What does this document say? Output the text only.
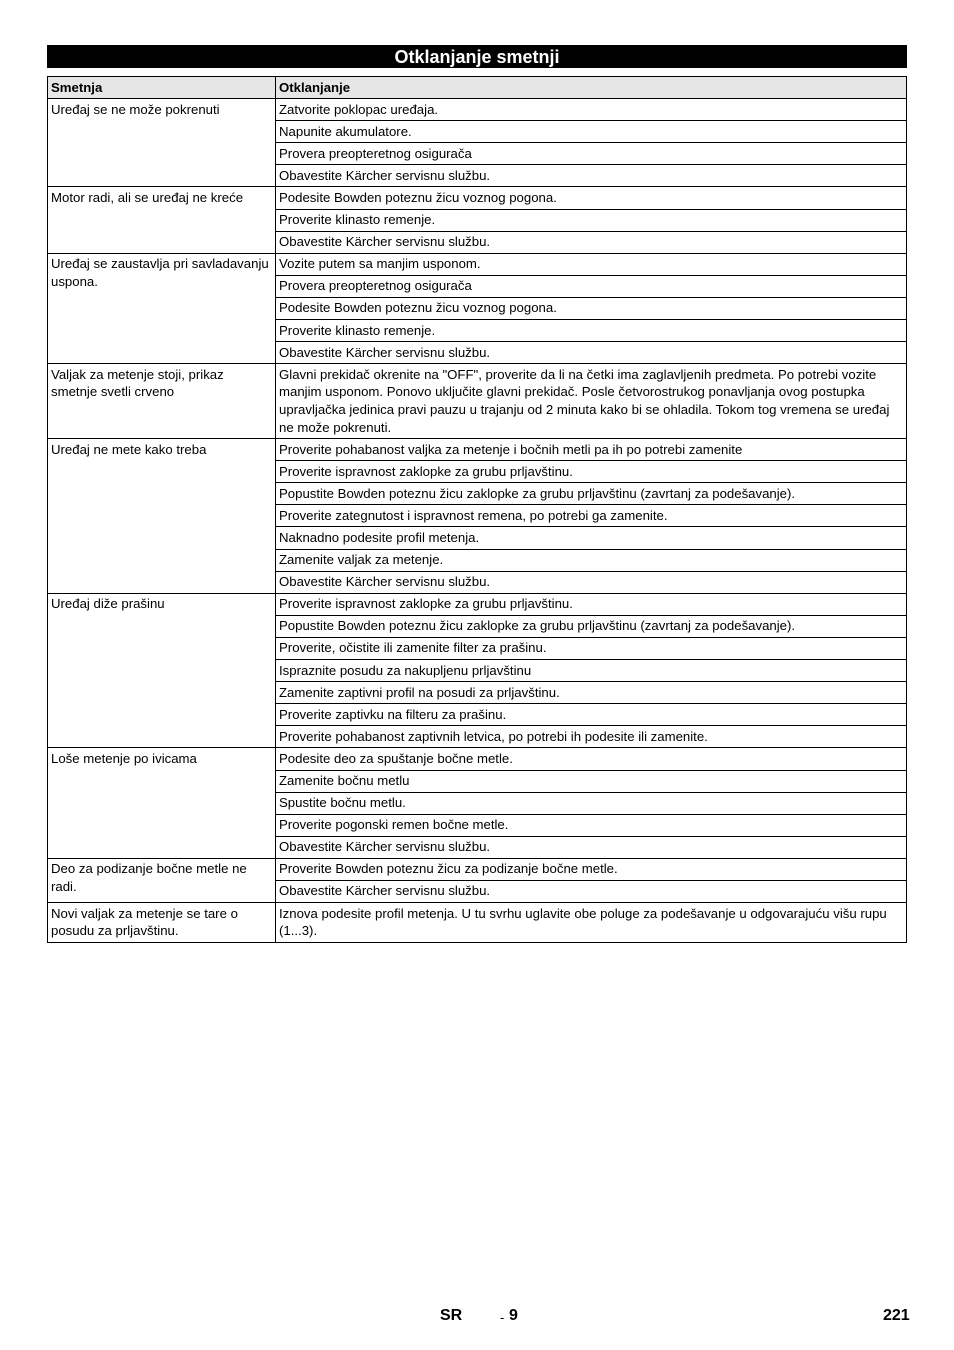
Otklanjanje smetnji
Smetnja	Otklanjanje
Uređaj se ne može pokrenuti	Zatvorite poklopac uređaja.
	Napunite akumulatore.
	Provera preopteretnog osigurača
	Obavestite Kärcher servisnu službu.
Motor radi, ali se uređaj ne kreće	Podesite Bowden poteznu žicu voznog pogona.
	Proverite klinasto remenje.
	Obavestite Kärcher servisnu službu.
Uređaj se zaustavlja pri savladavanju uspona.	Vozite putem sa manjim usponom.
	Provera preopteretnog osigurača
	Podesite Bowden poteznu žicu voznog pogona.
	Proverite klinasto remenje.
	Obavestite Kärcher servisnu službu.
Valjak za metenje stoji, prikaz smetnje svetli crveno	Glavni prekidač okrenite na "OFF", proverite da li na četki ima zaglavljenih predmeta. Po potrebi vozite manjim usponom. Ponovo uključite glavni prekidač. Posle četvorostrukog ponavljanja ovog postupka upravljačka jedinica pravi pauzu u trajanju od 2 minuta kako bi se ohladila. Tokom tog vremena se uređaj ne može pokrenuti.
Uređaj ne mete kako treba	Proverite pohabanost valjka za metenje i bočnih metli pa ih po potrebi zamenite
	Proverite ispravnost zaklopke za grubu prljavštinu.
	Popustite Bowden poteznu žicu zaklopke za grubu prljavštinu (zavrtanj za podešavanje).
	Proverite zategnutost i ispravnost remena, po potrebi ga zamenite.
	Naknadno podesite profil metenja.
	Zamenite valjak za metenje.
	Obavestite Kärcher servisnu službu.
Uređaj diže prašinu	Proverite ispravnost zaklopke za grubu prljavštinu.
	Popustite Bowden poteznu žicu zaklopke za grubu prljavštinu (zavrtanj za podešavanje).
	Proverite, očistite ili zamenite filter za prašinu.
	Ispraznite posudu za nakupljenu prljavštinu
	Zamenite zaptivni profil na posudi za prljavštinu.
	Proverite zaptivku na filteru za prašinu.
	Proverite pohabanost zaptivnih letvica, po potrebi ih podesite ili zamenite.
Loše metenje po ivicama	Podesite deo za spuštanje bočne metle.
	Zamenite bočnu metlu
	Spustite bočnu metlu.
	Proverite pogonski remen bočne metle.
	Obavestite Kärcher servisnu službu.
Deo za podizanje bočne metle ne radi.	Proverite Bowden poteznu žicu za podizanje bočne metle.
	Obavestite Kärcher servisnu službu.
Novi valjak za metenje se tare o posudu za prljavštinu.	Iznova podesite profil metenja. U tu svrhu uglavite obe poluge za podešavanje u odgovarajuću višu rupu (1...3).
SR	- 9	221
